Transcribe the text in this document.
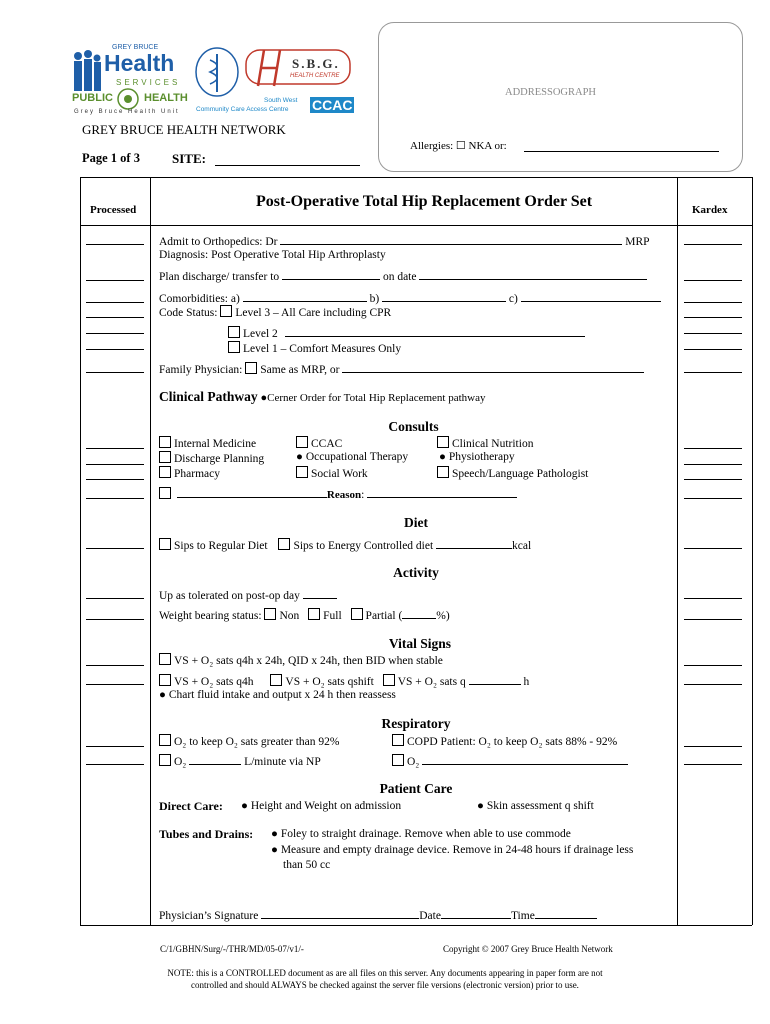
GREY BRUCE
Health
SERVICES
PUBLIC	HEALTH
Grey Bruce Health Unit
S.B.G.
HEALTH CENTRE
South West
Community Care Access Centre CCAC
GREY BRUCE HEALTH NETWORK
Page 1 of 3 SITE:
ADDRESSOGRAPH
Allergies: ☐ NKA or:
Processed	Post-Operative Total Hip Replacement Order Set	Kardex
Admit to Orthopedics: Dr	MRP
Diagnosis: Post Operative Total Hip Arthroplasty
Plan discharge/ transfer to	on date
Comorbidities: a)	b)	c)
Code Status: Level 3 – All Care including CPR
Level 2
Level 1 – Comfort Measures Only
Family Physician: Same as MRP, or
Clinical Pathway ●Cerner Order for Total Hip Replacement pathway
Consults
Internal Medicine	CCAC	Clinical Nutrition
Discharge Planning	● Occupational Therapy	● Physiotherapy
Pharmacy	Social Work	Speech/Language Pathologist
Reason:
Diet
Sips to Regular Diet Sips to Energy Controlled diet	kcal
Activity
Up as tolerated on post-op day
Weight bearing status: Non Full Partial (	%)
Vital Signs
VS + O₂ sats q4h x 24h, QID x 24h, then BID when stable
VS + O₂ sats q4h	VS + O₂ sats qshift VS + O₂ sats q	h
● Chart fluid intake and output x 24 h then reassess
Respiratory
O₂ to keep O₂ sats greater than 92%	COPD Patient: O₂ to keep O₂ sats 88% - 92%
O₂	L/minute via NP	O₂
Patient Care
Direct Care: ● Height and Weight on admission	● Skin assessment q shift
Tubes and Drains: ● Foley to straight drainage. Remove when able to use commode
● Measure and empty drainage device. Remove in 24-48 hours if drainage less
than 50 cc
Physician’s Signature	Date	Time
C/1/GBHN/Surg/-/THR/MD/05-07/v1/-	Copyright © 2007 Grey Bruce Health Network
NOTE: this is a CONTROLLED document as are all files on this server. Any documents appearing in paper form are not
controlled and should ALWAYS be checked against the server file versions (electronic version) prior to use.
